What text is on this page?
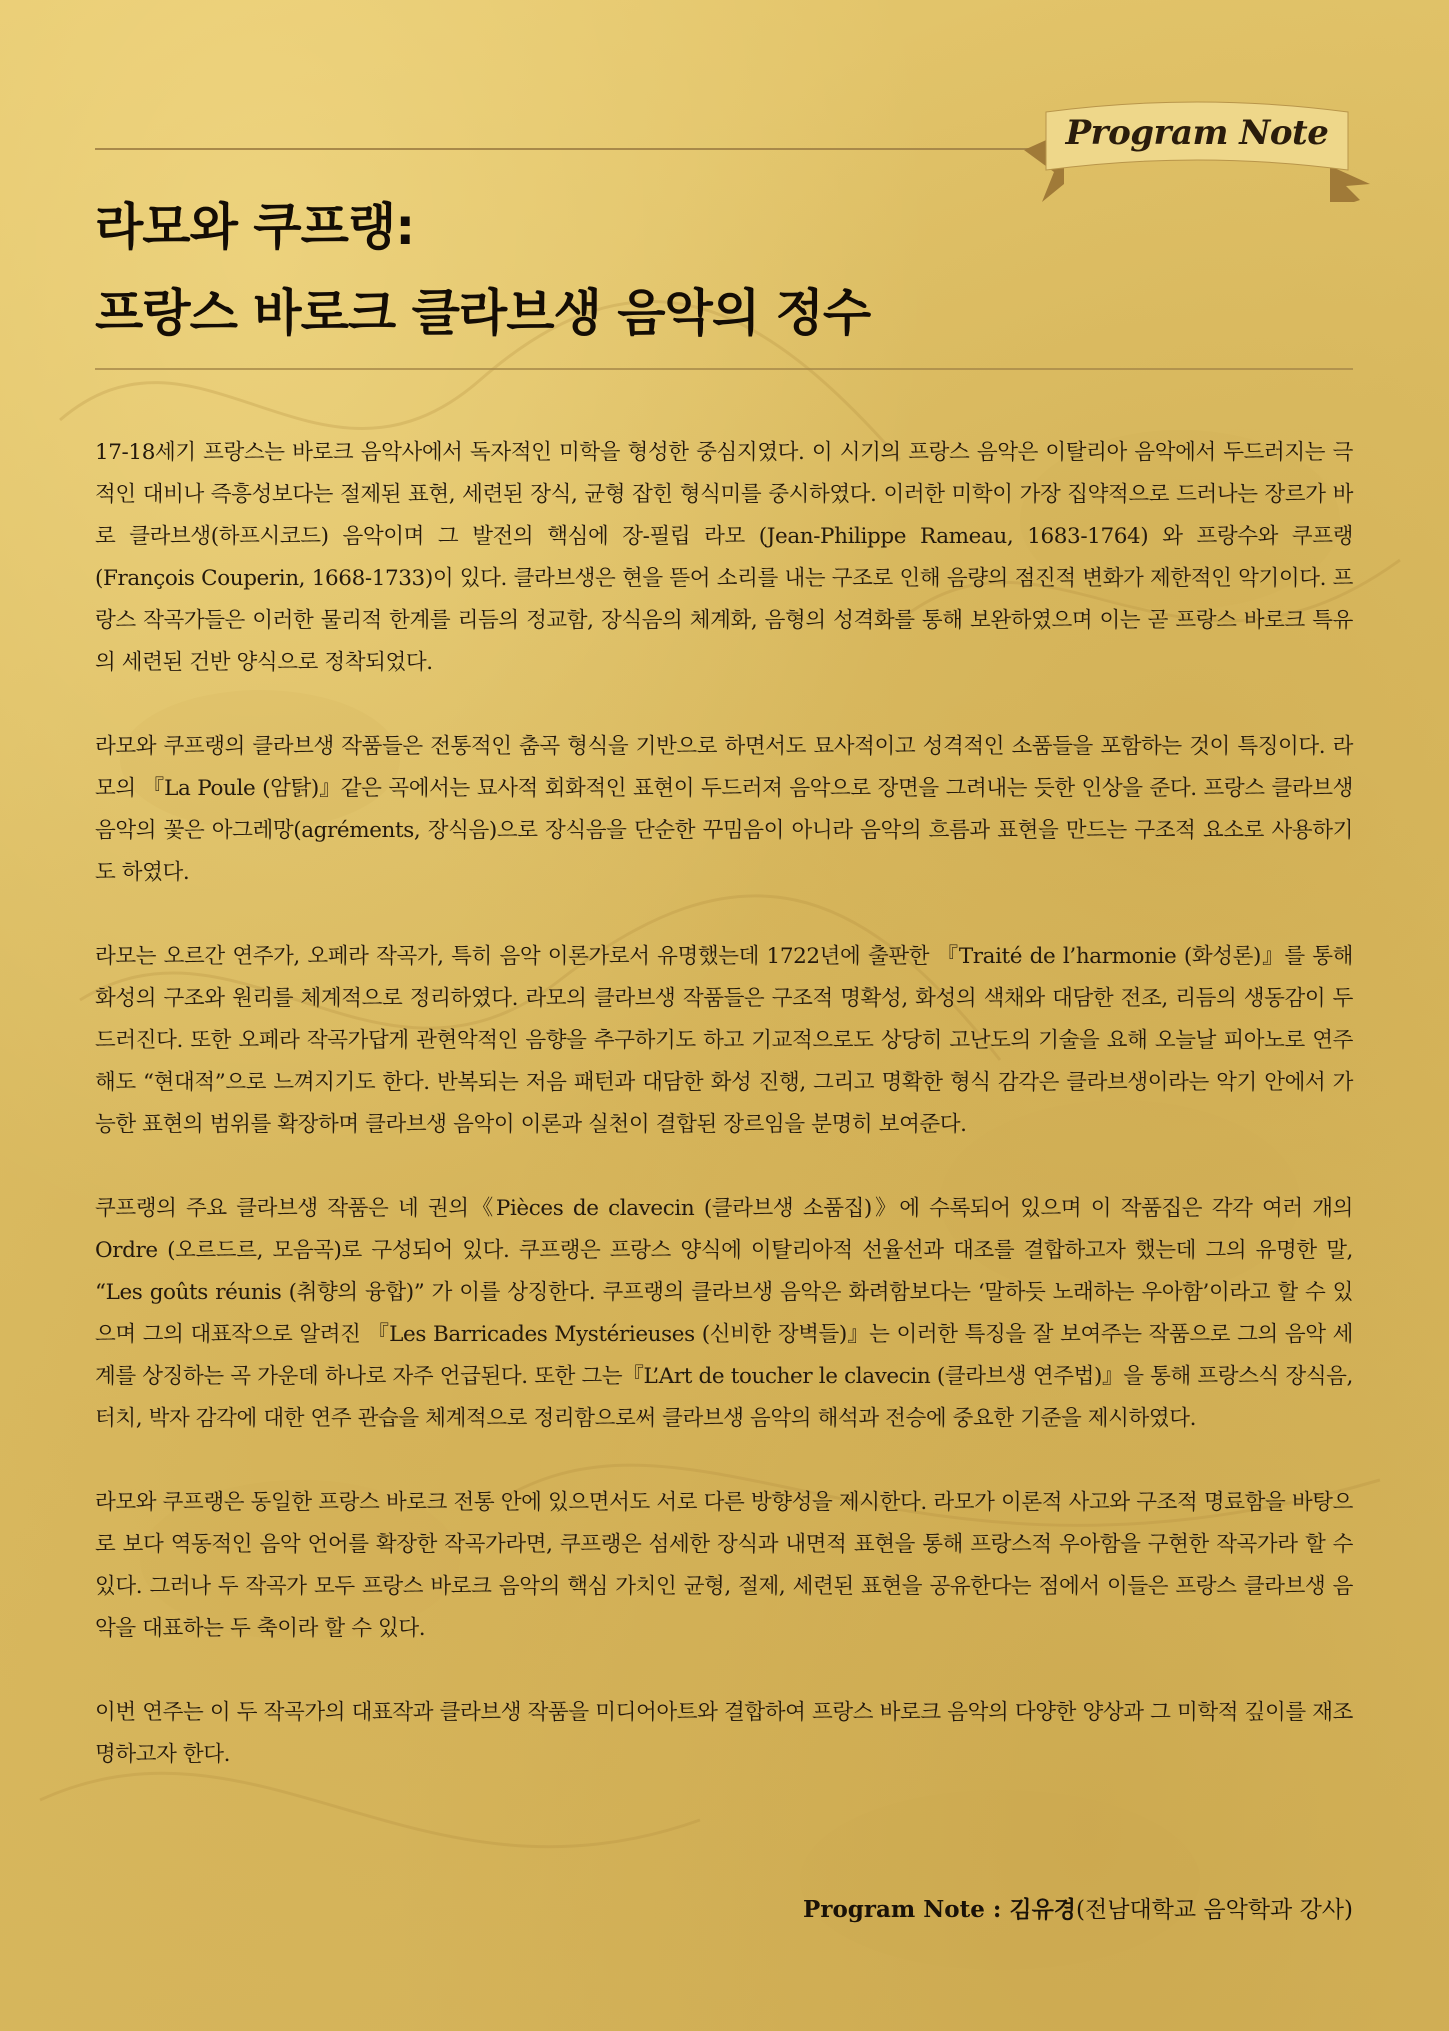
Program Note
라모와 쿠프랭:
프랑스 바로크 클라브생 음악의 정수

17-18세기 프랑스는 바로크 음악사에서 독자적인 미학을 형성한 중심지였다. 이 시기의 프랑스 음악은 이탈리아 음악에서 두드러지는 극적인 대비나 즉흥성보다는 절제된 표현, 세련된 장식, 균형 잡힌 형식미를 중시하였다. 이러한 미학이 가장 집약적으로 드러나는 장르가 바로 클라브생(하프시코드) 음악이며 그 발전의 핵심에 장-필립 라모 (Jean-Philippe Rameau, 1683-1764) 와 프랑수와 쿠프랭 (François Couperin, 1668-1733)이 있다. 클라브생은 현을 뜯어 소리를 내는 구조로 인해 음량의 점진적 변화가 제한적인 악기이다. 프랑스 작곡가들은 이러한 물리적 한계를 리듬의 정교함, 장식음의 체계화, 음형의 성격화를 통해 보완하였으며 이는 곧 프랑스 바로크 특유의 세련된 건반 양식으로 정착되었다.

라모와 쿠프랭의 클라브생 작품들은 전통적인 춤곡 형식을 기반으로 하면서도 묘사적이고 성격적인 소품들을 포함하는 것이 특징이다. 라모의 『La Poule (암탉)』같은 곡에서는 묘사적 회화적인 표현이 두드러져 음악으로 장면을 그려내는 듯한 인상을 준다. 프랑스 클라브생 음악의 꽃은 아그레망(agréments, 장식음)으로 장식음을 단순한 꾸밈음이 아니라 음악의 흐름과 표현을 만드는 구조적 요소로 사용하기도 하였다.

라모는 오르간 연주가, 오페라 작곡가, 특히 음악 이론가로서 유명했는데 1722년에 출판한 『Traité de l’harmonie (화성론)』를 통해 화성의 구조와 원리를 체계적으로 정리하였다. 라모의 클라브생 작품들은 구조적 명확성, 화성의 색채와 대담한 전조, 리듬의 생동감이 두드러진다. 또한 오페라 작곡가답게 관현악적인 음향을 추구하기도 하고 기교적으로도 상당히 고난도의 기술을 요해 오늘날 피아노로 연주해도 “현대적”으로 느껴지기도 한다. 반복되는 저음 패턴과 대담한 화성 진행, 그리고 명확한 형식 감각은 클라브생이라는 악기 안에서 가능한 표현의 범위를 확장하며 클라브생 음악이 이론과 실천이 결합된 장르임을 분명히 보여준다.

쿠프랭의 주요 클라브생 작품은 네 권의《Pièces de clavecin (클라브생 소품집)》에 수록되어 있으며 이 작품집은 각각 여러 개의 Ordre (오르드르, 모음곡)로 구성되어 있다. 쿠프랭은 프랑스 양식에 이탈리아적 선율선과 대조를 결합하고자 했는데 그의 유명한 말, “Les goûts réunis (취향의 융합)” 가 이를 상징한다. 쿠프랭의 클라브생 음악은 화려함보다는 ‘말하듯 노래하는 우아함’이라고 할 수 있으며 그의 대표작으로 알려진 『Les Barricades Mystérieuses (신비한 장벽들)』는 이러한 특징을 잘 보여주는 작품으로 그의 음악 세계를 상징하는 곡 가운데 하나로 자주 언급된다. 또한 그는『L’Art de toucher le clavecin (클라브생 연주법)』을 통해 프랑스식 장식음, 터치, 박자 감각에 대한 연주 관습을 체계적으로 정리함으로써 클라브생 음악의 해석과 전승에 중요한 기준을 제시하였다.

라모와 쿠프랭은 동일한 프랑스 바로크 전통 안에 있으면서도 서로 다른 방향성을 제시한다. 라모가 이론적 사고와 구조적 명료함을 바탕으로 보다 역동적인 음악 언어를 확장한 작곡가라면, 쿠프랭은 섬세한 장식과 내면적 표현을 통해 프랑스적 우아함을 구현한 작곡가라 할 수 있다. 그러나 두 작곡가 모두 프랑스 바로크 음악의 핵심 가치인 균형, 절제, 세련된 표현을 공유한다는 점에서 이들은 프랑스 클라브생 음악을 대표하는 두 축이라 할 수 있다.

이번 연주는 이 두 작곡가의 대표작과 클라브생 작품을 미디어아트와 결합하여 프랑스 바로크 음악의 다양한 양상과 그 미학적 깊이를 재조명하고자 한다.

Program Note : 김유경(전남대학교 음악학과 강사)
